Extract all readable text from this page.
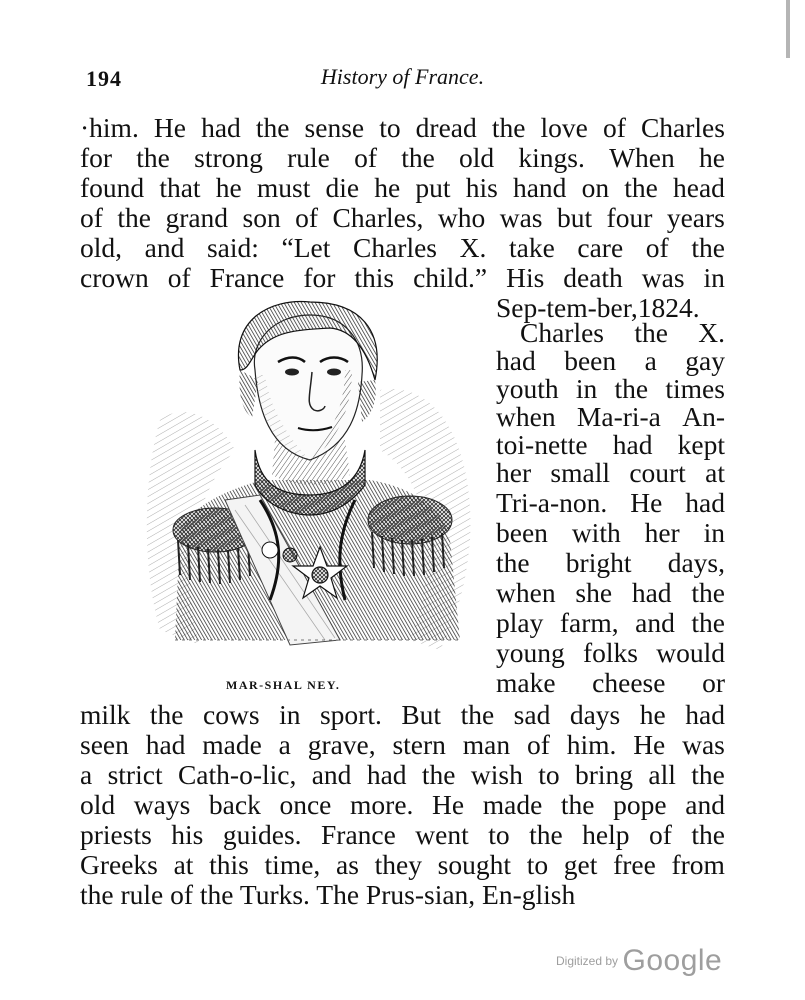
194	History of France.
·him. He had the sense to dread the love of Charles
for the strong rule of the old kings. When he
found that he must die he put his hand on the head
of the grand son of Charles, who was but four years
old, and said: “Let Charles X. take care of the
crown of France for this child.” His death was in
Sep-tem-ber, 1824.
Charles the X.
had been a gay
youth in the times
when Ma-ri-a An-
toi-nette had kept
her small court at
Tri-a-non. He had
been with her in
the bright days,
when she had the
play farm, and the
young folks would
make cheese or
milk the cows in sport. But the sad days he had
seen had made a grave, stern man of him. He was
a strict Cath-o-lic, and had the wish to bring all the
old ways back once more. He made the pope and
priests his guides. France went to the help of the
Greeks at this time, as they sought to get free from
the rule of the Turks. The Prus-sian, En-glish
MAR-SHAL NEY.
Digitized by Google
